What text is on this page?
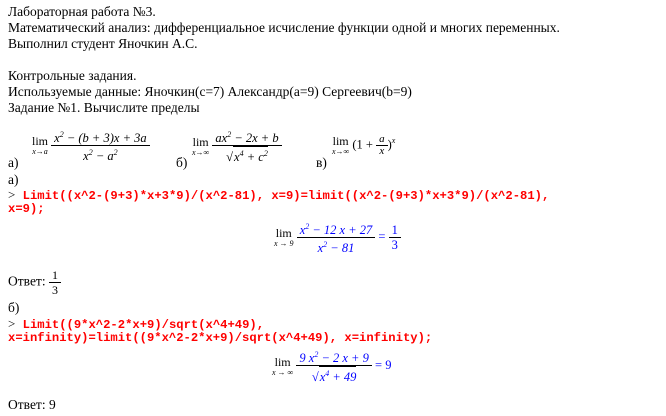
Лабораторная работа №3.
Математический анализ: дифференциальное исчисление функции одной и многих переменных.
Выполнил студент Яночкин А.С.
Контрольные задания.
Используемые данные: Яночкин(с=7) Александр(а=9) Сергеевич(b=9)
Задание №1. Вычислите пределы
а)
lim
x→a
$\frac{x^2 - (b + 3)x + 3a}{x^2 - a^2} б$)
lim
x→∞
$\frac{ax^2 - 2x + b}{√x^4 + c^2}$	в)
lim
x→∞
$(1 + \frac{a}{x} )^x$
а)
> Limit((x^2-(9+3)*x+3*9)/(x^2-81), x=9)=limit((x^2-(9+3)*x+3*9)/(x^2-81),
x=9);
lim
x → 9
$\frac{x^2 - 12 x + 27}{x^2 - 81} = \frac{1}{3}$
Ответ: $\frac{1}{3}$
б)
> Limit((9*x^2-2*x+9)/sqrt(x^4+49),
x=infinity)=limit((9*x^2-2*x+9)/sqrt(x^4+49), x=infinity);
lim
x → ∞
$\frac{9 x^2 - 2 x + 9}{√x^4 + 49} = 9$
Ответ: 9
